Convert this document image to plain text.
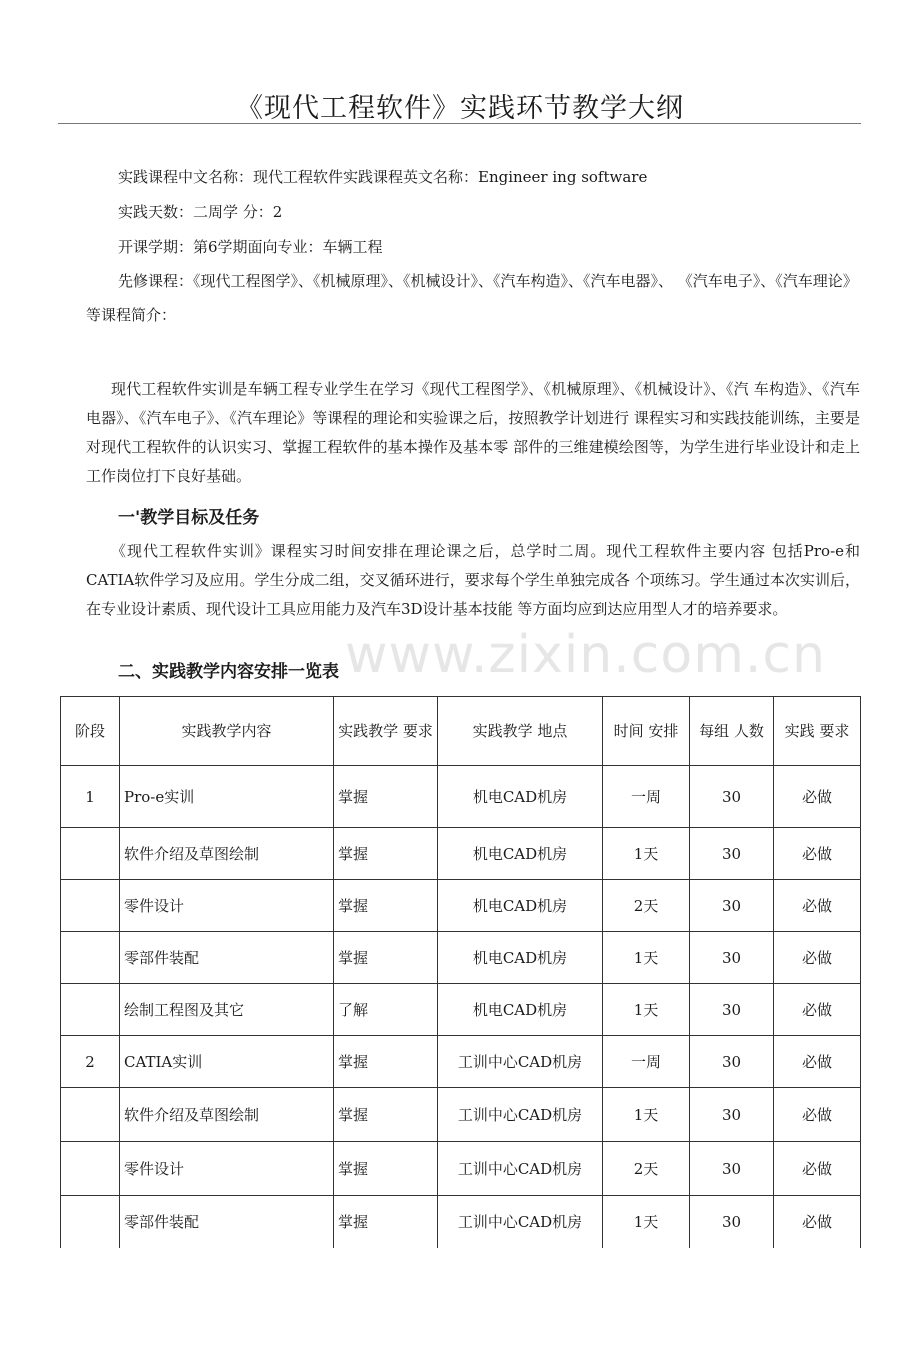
《现代工程软件》实践环节教学大纲
实践课程中文名称：现代工程软件实践课程英文名称：Engineer ing software
实践天数：二周学 分：2
开课学期：第6学期面向专业：车辆工程
先修课程：《现代工程图学》、《机械原理》、《机械设计》、《汽车构造》、《汽车电器》、 《汽车电子》、《汽车理论》等课程简介：
现代工程软件实训是车辆工程专业学生在学习《现代工程图学》、《机械原理》、《机械设计》、《汽 车构造》、《汽车电器》、《汽车电子》、《汽车理论》等课程的理论和实验课之后，按照教学计划进行 课程实习和实践技能训练，主要是对现代工程软件的认识实习、掌握工程软件的基本操作及基本零 部件的三维建模绘图等，为学生进行毕业设计和走上工作岗位打下良好基础。
一'教学目标及任务
《现代工程软件实训》课程实习时间安排在理论课之后，总学时二周。现代工程软件主要内容 包括Pro-e和CATIA软件学习及应用。学生分成二组，交叉循环进行，要求每个学生单独完成各 个项练习。学生通过本次实训后，在专业设计素质、现代设计工具应用能力及汽车3D设计基本技能 等方面均应到达应用型人才的培养要求。
www.zixin.com.cn
二、实践教学内容安排一览表
阶段	实践教学内容	实践教学 要求	实践教学 地点	时间 安排	每组 人数	实践 要求
1	Pro-e实训	掌握	机电CAD机房	一周	30	必做
	软件介绍及草图绘制	掌握	机电CAD机房	1天	30	必做
	零件设计	掌握	机电CAD机房	2天	30	必做
	零部件装配	掌握	机电CAD机房	1天	30	必做
	绘制工程图及其它	了解	机电CAD机房	1天	30	必做
2	CATIA实训	掌握	工训中心CAD机房	一周	30	必做
	软件介绍及草图绘制	掌握	工训中心CAD机房	1天	30	必做
	零件设计	掌握	工训中心CAD机房	2天	30	必做
	零部件装配	掌握	工训中心CAD机房	1天	30	必做
